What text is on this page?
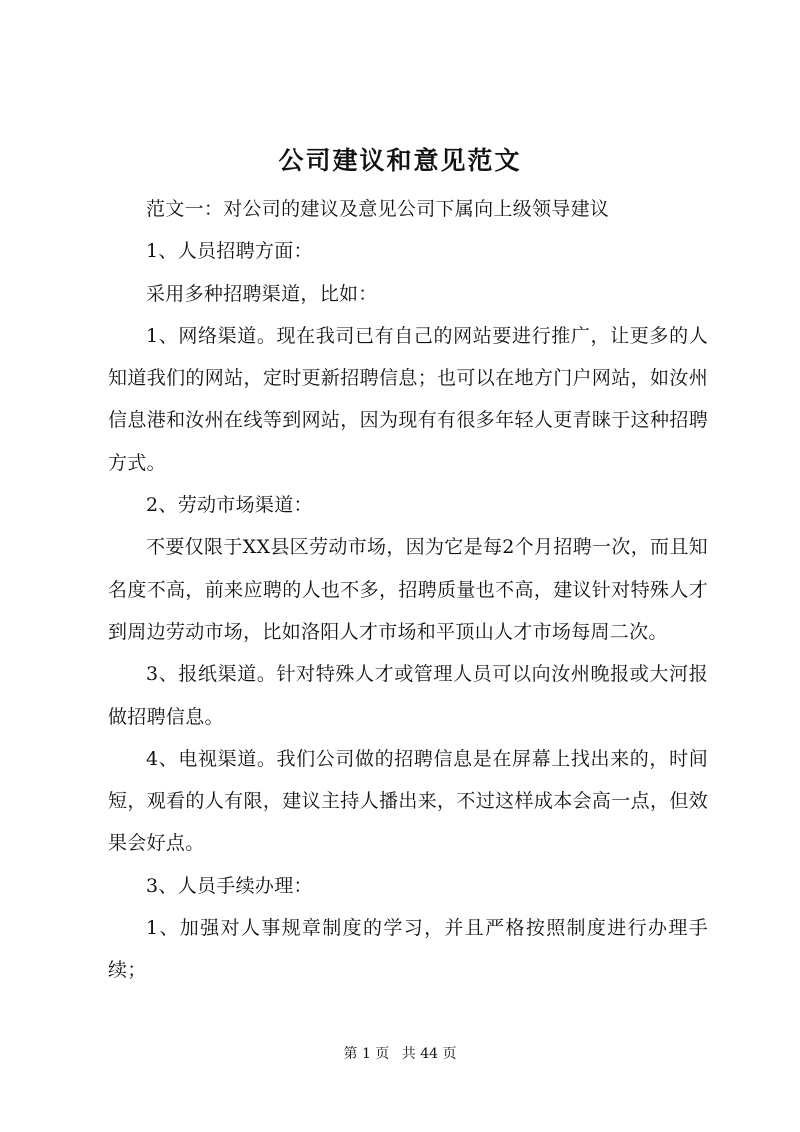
公司建议和意见范文

范文一：对公司的建议及意见公司下属向上级领导建议

1、人员招聘方面：

采用多种招聘渠道，比如：

1、网络渠道。现在我司已有自己的网站要进行推广，让更多的人知道我们的网站，定时更新招聘信息；也可以在地方门户网站，如汝州信息港和汝州在线等到网站，因为现有有很多年轻人更青睐于这种招聘方式。

2、劳动市场渠道：

不要仅限于XX县区劳动市场，因为它是每2个月招聘一次，而且知名度不高，前来应聘的人也不多，招聘质量也不高，建议针对特殊人才到周边劳动市场，比如洛阳人才市场和平顶山人才市场每周二次。

3、报纸渠道。针对特殊人才或管理人员可以向汝州晚报或大河报做招聘信息。

4、电视渠道。我们公司做的招聘信息是在屏幕上找出来的，时间短，观看的人有限，建议主持人播出来，不过这样成本会高一点，但效果会好点。

3、人员手续办理：

1、加强对人事规章制度的学习，并且严格按照制度进行办理手续；

第 1 页 共 44 页
